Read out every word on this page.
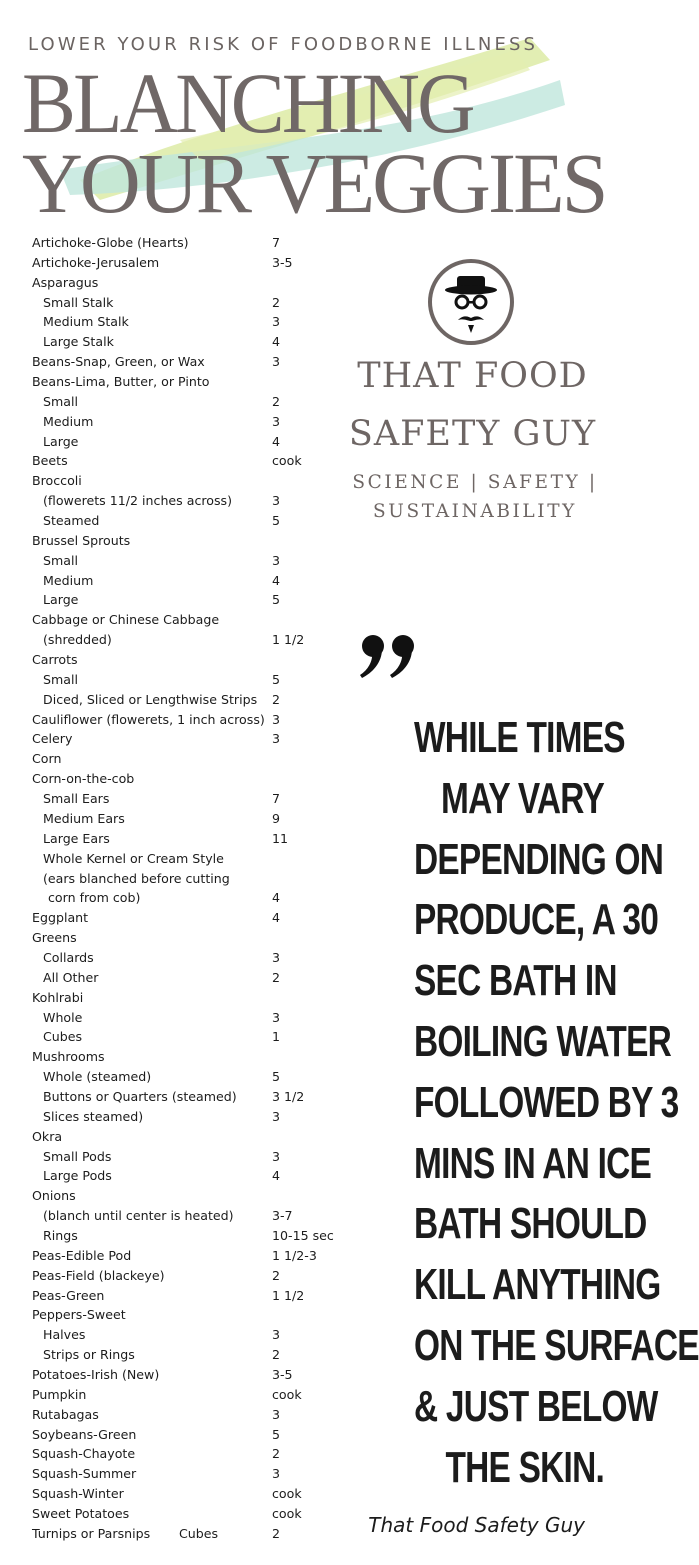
LOWER YOUR RISK OF FOODBORNE ILLNESS
BLANCHING
YOUR VEGGIES
Artichoke-Globe (Hearts)	7
Artichoke-Jerusalem	3-5
Asparagus
Small Stalk	2
Medium Stalk	3
Large Stalk	4
Beans-Snap, Green, or Wax	3
Beans-Lima, Butter, or Pinto
Small	2
Medium	3
Large	4
Beets	cook
Broccoli
(flowerets 11/2 inches across)	3
Steamed	5
Brussel Sprouts
Small	3
Medium	4
Large	5
Cabbage or Chinese Cabbage
(shredded)	1 1/2
Carrots
Small	5
Diced, Sliced or Lengthwise Strips 2
Cauliflower (flowerets, 1 inch across) 3
Celery	3
Corn
Corn-on-the-cob
Small Ears	7
Medium Ears	9
Large Ears	11
Whole Kernel or Cream Style
(ears blanched before cutting
corn from cob)	4
Eggplant	4
Greens
Collards	3
All Other	2
Kohlrabi
Whole	3
Cubes	1
Mushrooms
Whole (steamed)	5
Buttons or Quarters (steamed)	3 1/2
Slices steamed)	3
Okra
Small Pods	3
Large Pods	4
Onions
(blanch until center is heated)	3-7
Rings	10-15 sec
Peas-Edible Pod	1 1/2-3
Peas-Field (blackeye)	2
Peas-Green	1 1/2
Peppers-Sweet
Halves	3
Strips or Rings	2
Potatoes-Irish (New)	3-5
Pumpkin	cook
Rutabagas	3
Soybeans-Green	5
Squash-Chayote	2
Squash-Summer	3
Squash-Winter	cook
Sweet Potatoes	cook
Turnips or Parsnips Cubes	2
THAT FOOD
SAFETY GUY
SCIENCE | SAFETY |
SUSTAINABILITY
WHILE TIMES
MAY VARY
DEPENDING ON
PRODUCE, A 30
SEC BATH IN
BOILING WATER
FOLLOWED BY 3
MINS IN AN ICE
BATH SHOULD
KILL ANYTHING
ON THE SURFACE
& JUST BELOW
THE SKIN.
That Food Safety Guy
